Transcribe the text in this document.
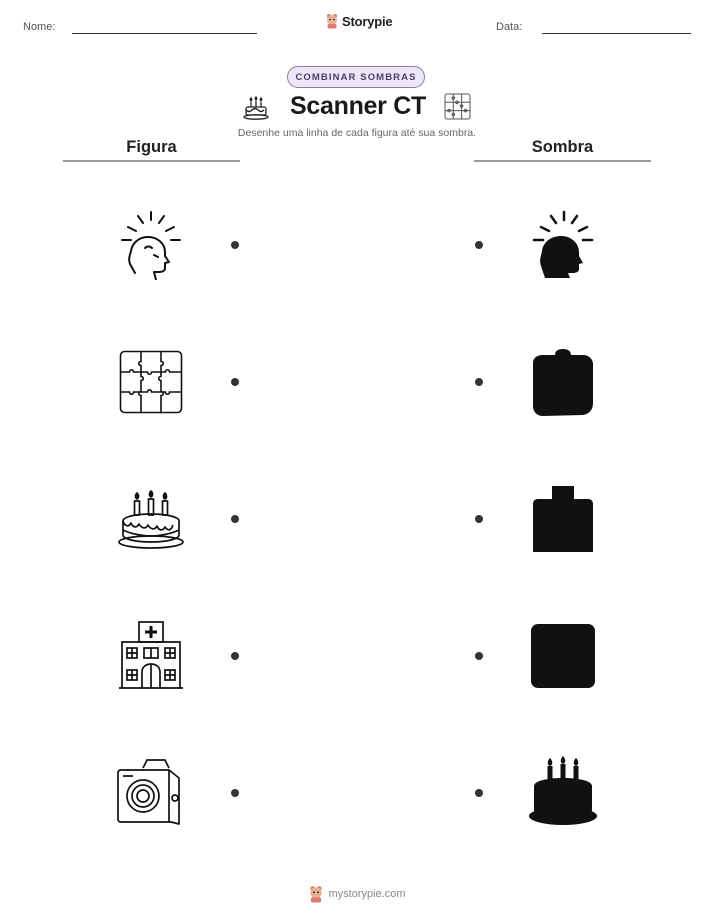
Nome:	Storypie	Data:
COMBINAR SOMBRAS
Scanner CT
Desenhe uma linha de cada figura até sua sombra.
Figura	Sombra
mystorypie.com
